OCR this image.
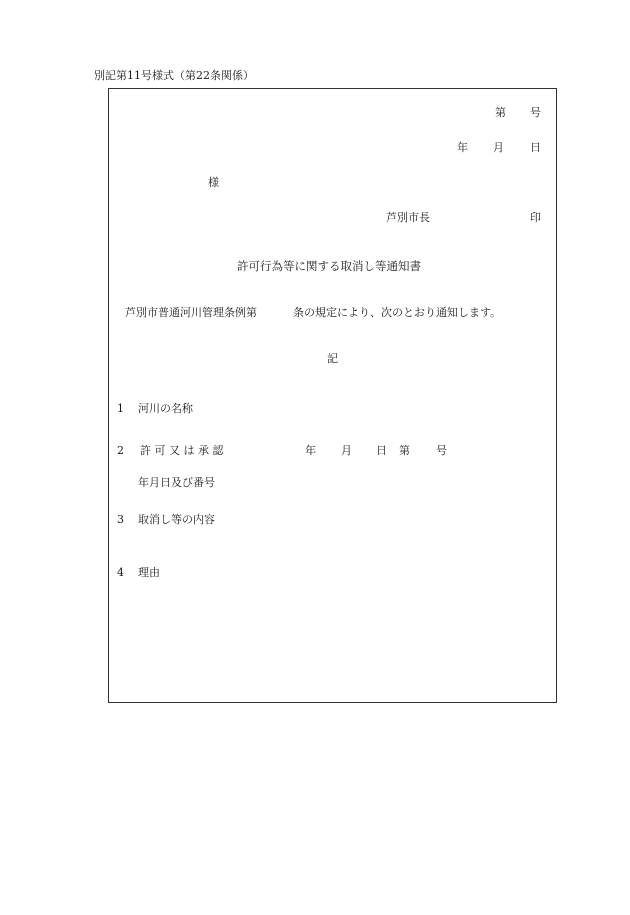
別記第11号様式（第22条関係）
第 号
年 月 日
様
芦別市長	印
許可行為等に関する取消し等通知書
芦別市普通河川管理条例第	条の規定により、次のとおり通知します。
記
1 河川の名称
2 許 可 又 は 承 認	年 月 日 第 号
年月日及び番号
3 取消し等の内容
4 理由
